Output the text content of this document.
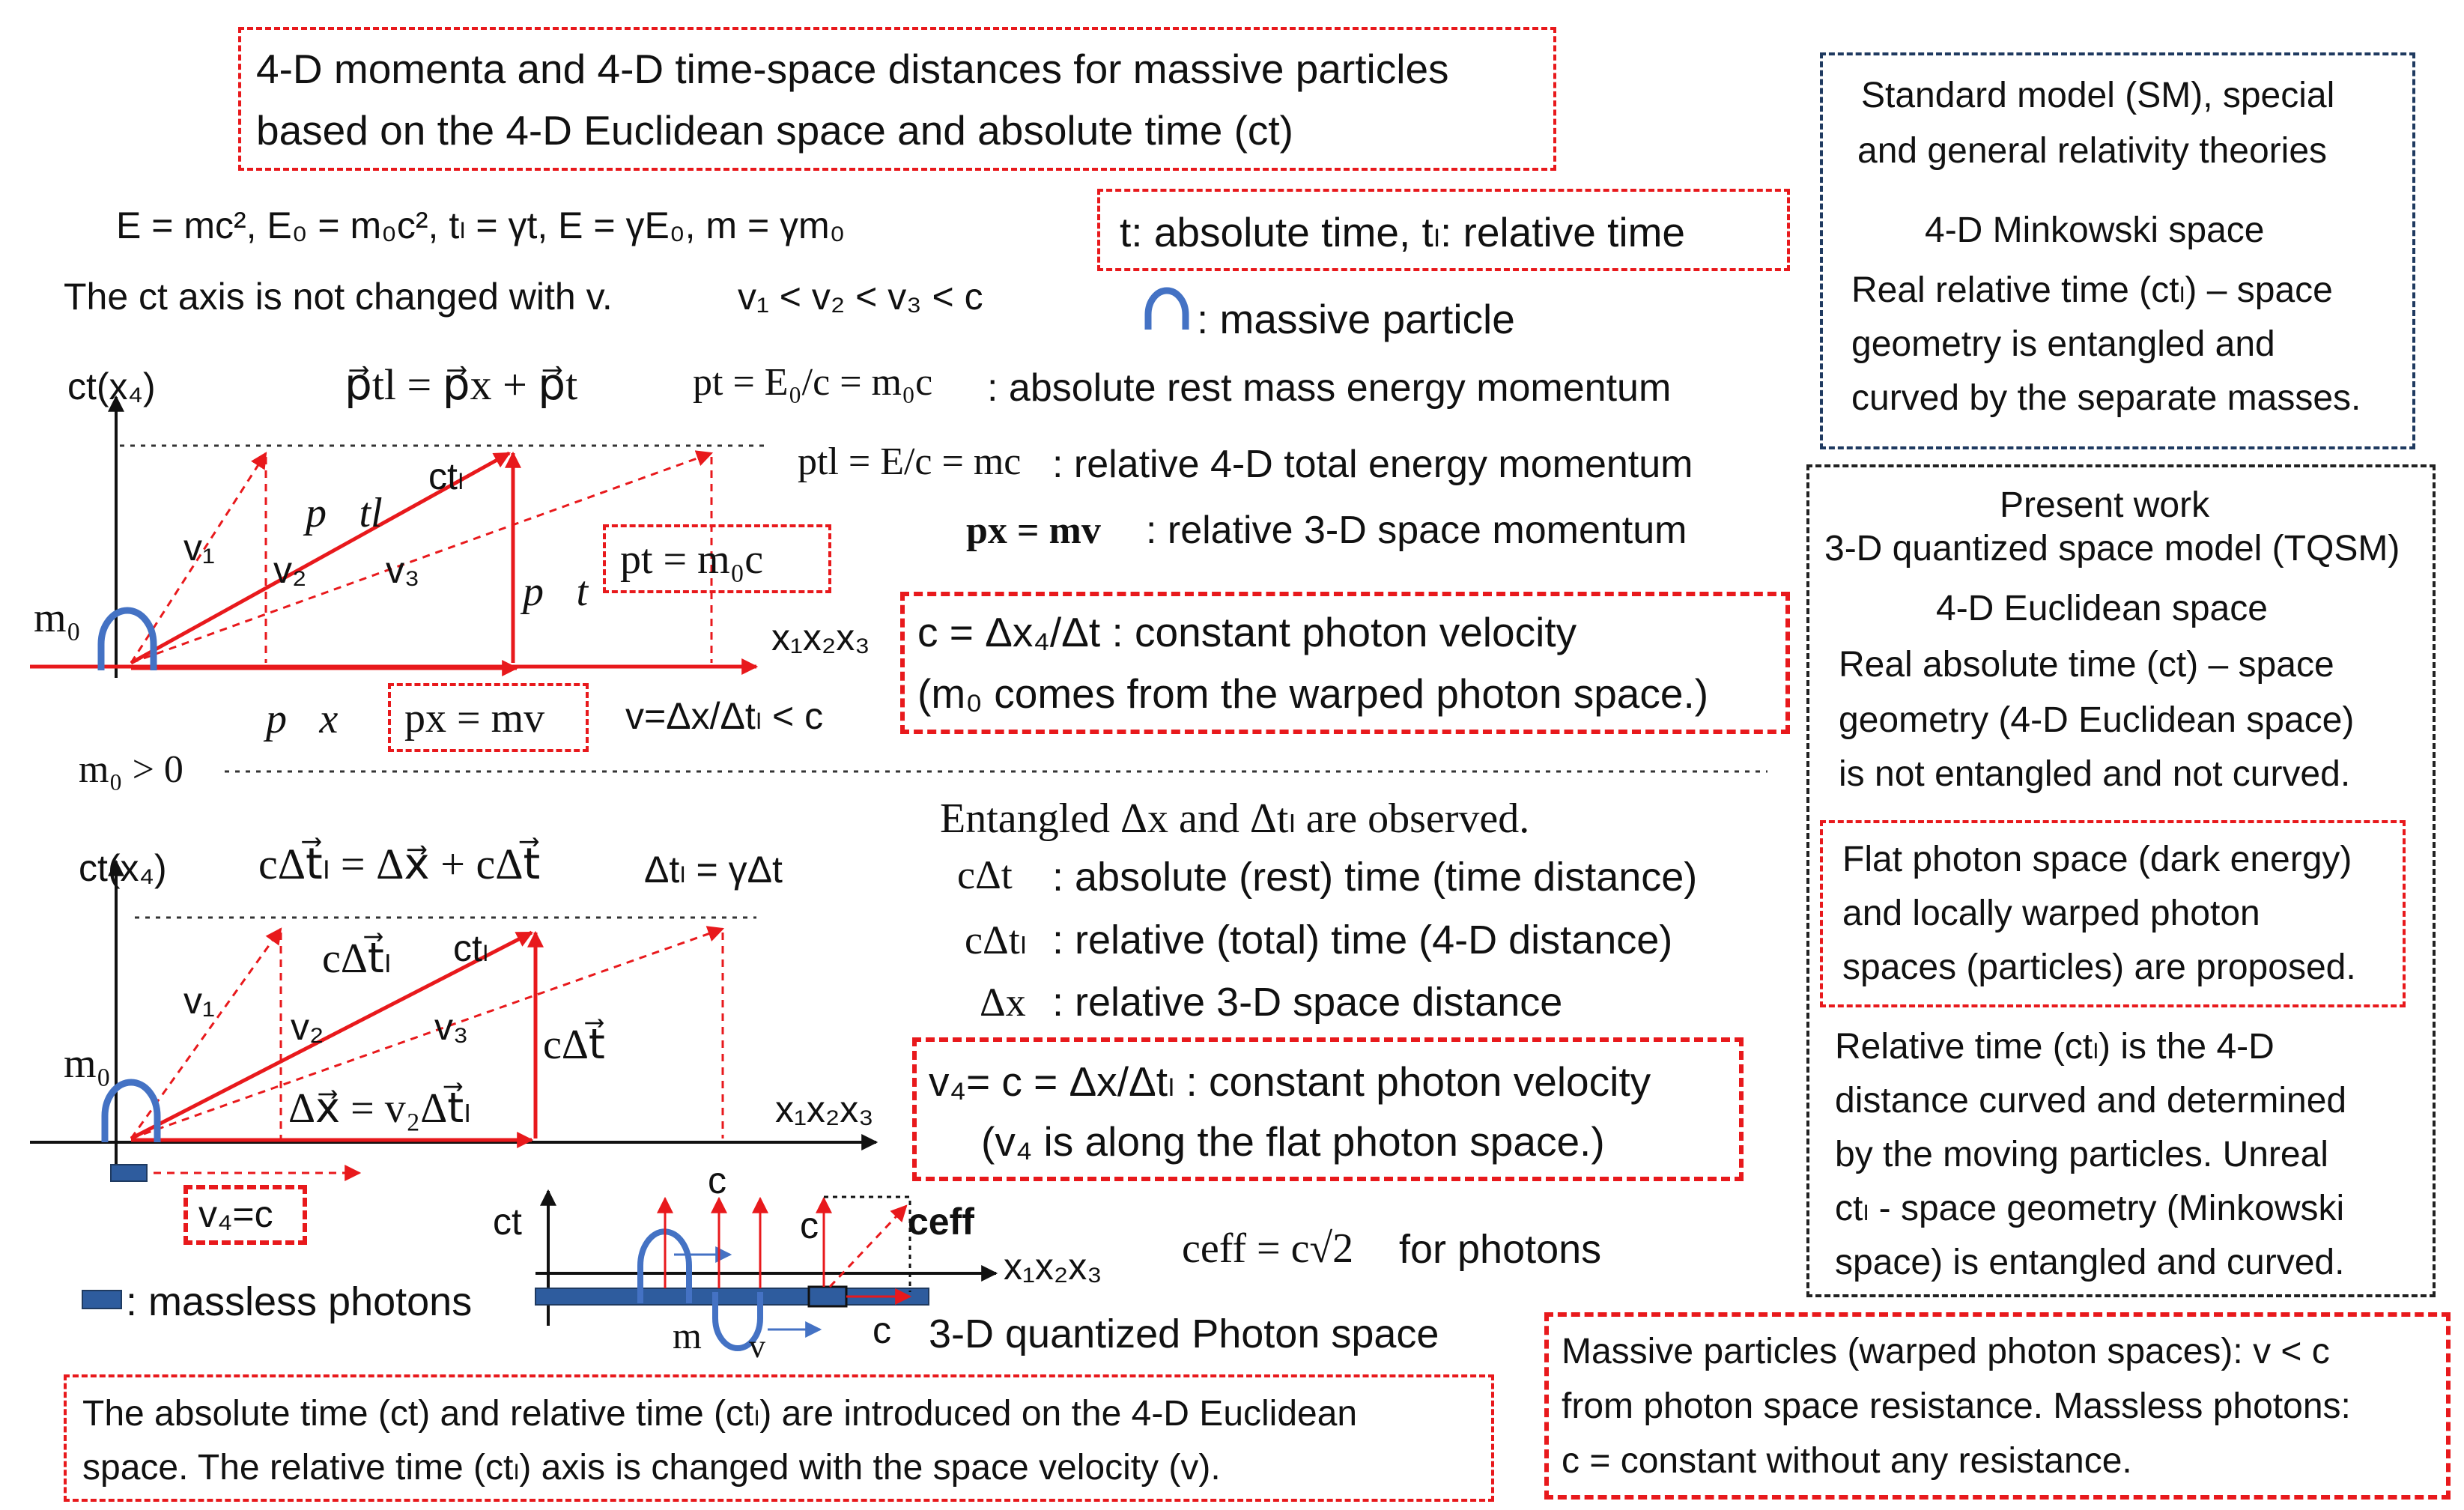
4-D momenta and 4-D time-space distances for massive particles
based on the 4-D Euclidean space and absolute time (ct)
E = mc², E₀ = m₀c², tₗ = γt, E = γE₀, m = γm₀
The ct axis is not changed with v.	v₁ < v₂ < v₃ < c
t: absolute time, tₗ: relative time
: massive particle
p⃗tl = p⃗x + p⃗t	pt = E₀/c = m₀c : absolute rest mass energy momentum
ptl = E/c = mc : relative 4-D total energy momentum
px = mv : relative 3-D space momentum
c = Δx₄/Δt : constant photon velocity
(m₀ comes from the warped photon space.)
ct(x₄)
x₁x₂x₃
v₁
v₂ v₃
ctₗ
p⃗tl
p⃗t
p⃗x
m₀
pt = m₀c
px = mv v=Δx/Δtₗ < c
m₀ > 0
Entangled Δx and Δtₗ are observed.
cΔt : absolute (rest) time (time distance)
cΔtₗ : relative (total) time (4-D distance)
Δx : relative 3-D space distance
ct(x₄)
x₁x₂x₃
cΔt⃗ₗ = Δx⃗ + cΔt⃗	Δtₗ = γΔt
v₁
v₂	v₃
ctₗ
cΔt⃗ₗ
cΔt⃗
Δx⃗ = v₂Δt⃗ₗ
m₀
v₄=c
v₄= c = Δx/Δtₗ : constant photon velocity
(v₄ is along the flat photon space.)
ct
x₁x₂x₃
c
c
c
ceff
m v	3-D quantized Photon space
ceff = c√2 for photons
: massless photons
The absolute time (ct) and relative time (ctₗ) are introduced on the 4-D Euclidean
space. The relative time (ctₗ) axis is changed with the space velocity (v).
Standard model (SM), special
and general relativity theories
4-D Minkowski space
Real relative time (ctₗ) – space
geometry is entangled and
curved by the separate masses.
Present work
3-D quantized space model (TQSM)
4-D Euclidean space
Real absolute time (ct) – space
geometry (4-D Euclidean space)
is not entangled and not curved.
Flat photon space (dark energy)
and locally warped photon
spaces (particles) are proposed.
Relative time (ctₗ) is the 4-D
distance curved and determined
by the moving particles. Unreal
ctₗ - space geometry (Minkowski
space) is entangled and curved.
Massive particles (warped photon spaces): v < c
from photon space resistance. Massless photons:
c = constant without any resistance.
